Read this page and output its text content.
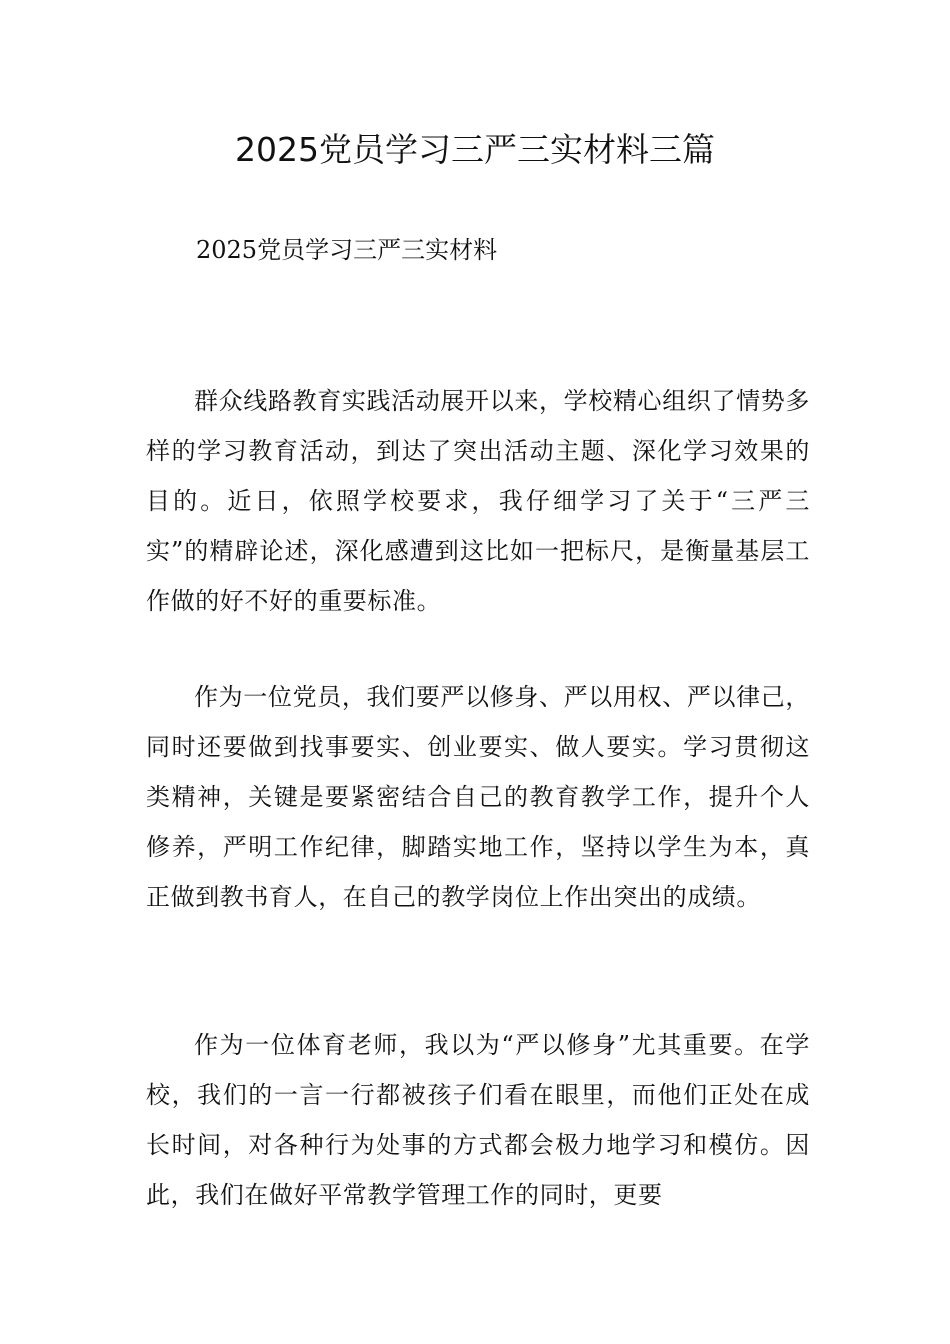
2025党员学习三严三实材料三篇

2025党员学习三严三实材料

群众线路教育实践活动展开以来，学校精心组织了情势多样的学习教育活动，到达了突出活动主题、深化学习效果的目的。近日，依照学校要求，我仔细学习了关于“三严三实”的精辟论述，深化感遭到这比如一把标尺，是衡量基层工作做的好不好的重要标准。

作为一位党员，我们要严以修身、严以用权、严以律己，同时还要做到找事要实、创业要实、做人要实。学习贯彻这类精神，关键是要紧密结合自己的教育教学工作，提升个人修养，严明工作纪律，脚踏实地工作，坚持以学生为本，真正做到教书育人，在自己的教学岗位上作出突出的成绩。

作为一位体育老师，我以为“严以修身”尤其重要。在学校，我们的一言一行都被孩子们看在眼里，而他们正处在成长时间，对各种行为处事的方式都会极力地学习和模仿。因此，我们在做好平常教学管理工作的同时，更要
